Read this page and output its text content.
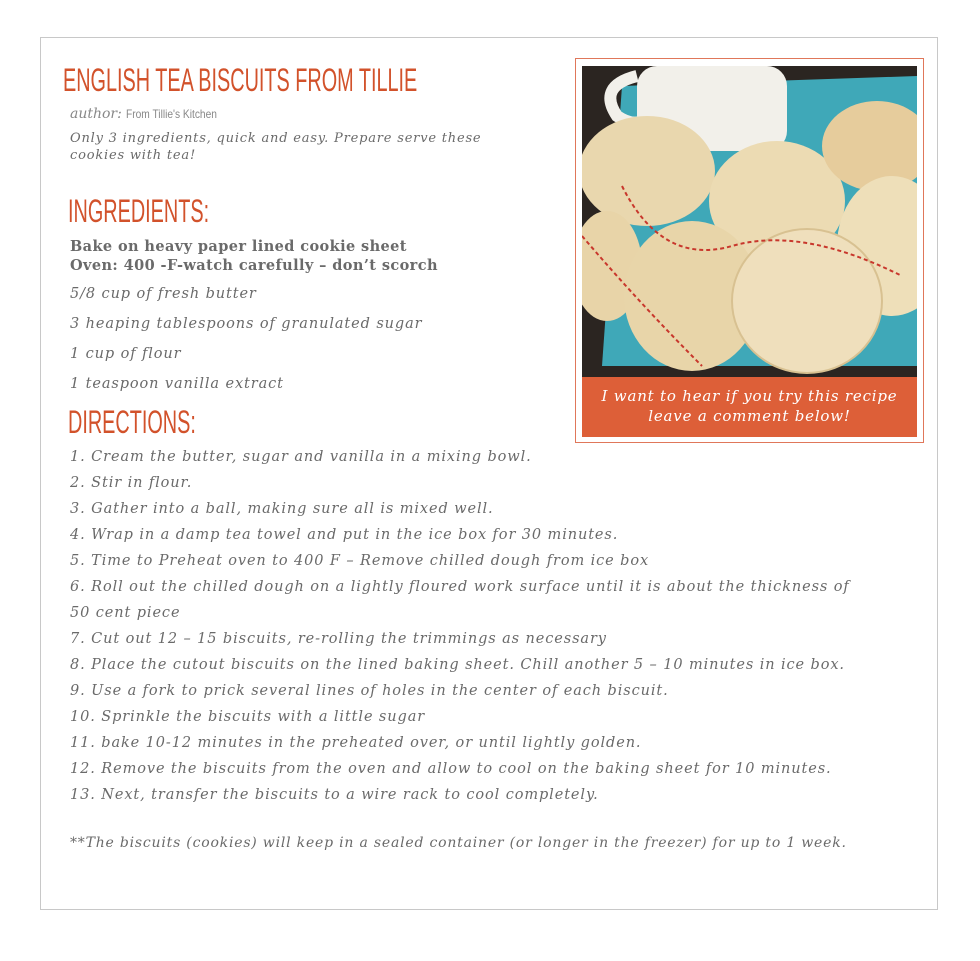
ENGLISH TEA BISCUITS FROM TILLIE
author: From Tillie's Kitchen
Only 3 ingredients, quick and easy. Prepare serve these cookies with tea!
INGREDIENTS:
Bake on heavy paper lined cookie sheet
Oven: 400 -F-watch carefully – don’t scorch
5/8 cup of fresh butter
3 heaping tablespoons of granulated sugar
1 cup of flour
1 teaspoon vanilla extract
DIRECTIONS:
1. Cream the butter, sugar and vanilla in a mixing bowl.
2. Stir in flour.
3. Gather into a ball, making sure all is mixed well.
4. Wrap in a damp tea towel and put in the ice box for 30 minutes.
5. Time to Preheat oven to 400 F – Remove chilled dough from ice box
6. Roll out the chilled dough on a lightly floured work surface until it is about the thickness of 50 cent piece
7. Cut out 12 – 15 biscuits, re-rolling the trimmings as necessary
8. Place the cutout biscuits on the lined baking sheet. Chill another 5 – 10 minutes in ice box.
9. Use a fork to prick several lines of holes in the center of each biscuit.
10. Sprinkle the biscuits with a little sugar
11. bake 10-12 minutes in the preheated over, or until lightly golden.
12. Remove the biscuits from the oven and allow to cool on the baking sheet for 10 minutes.
13. Next, transfer the biscuits to a wire rack to cool completely.
**The biscuits (cookies) will keep in a sealed container (or longer in the freezer) for up to 1 week.
I want to hear if you try this recipe
leave a comment below!
